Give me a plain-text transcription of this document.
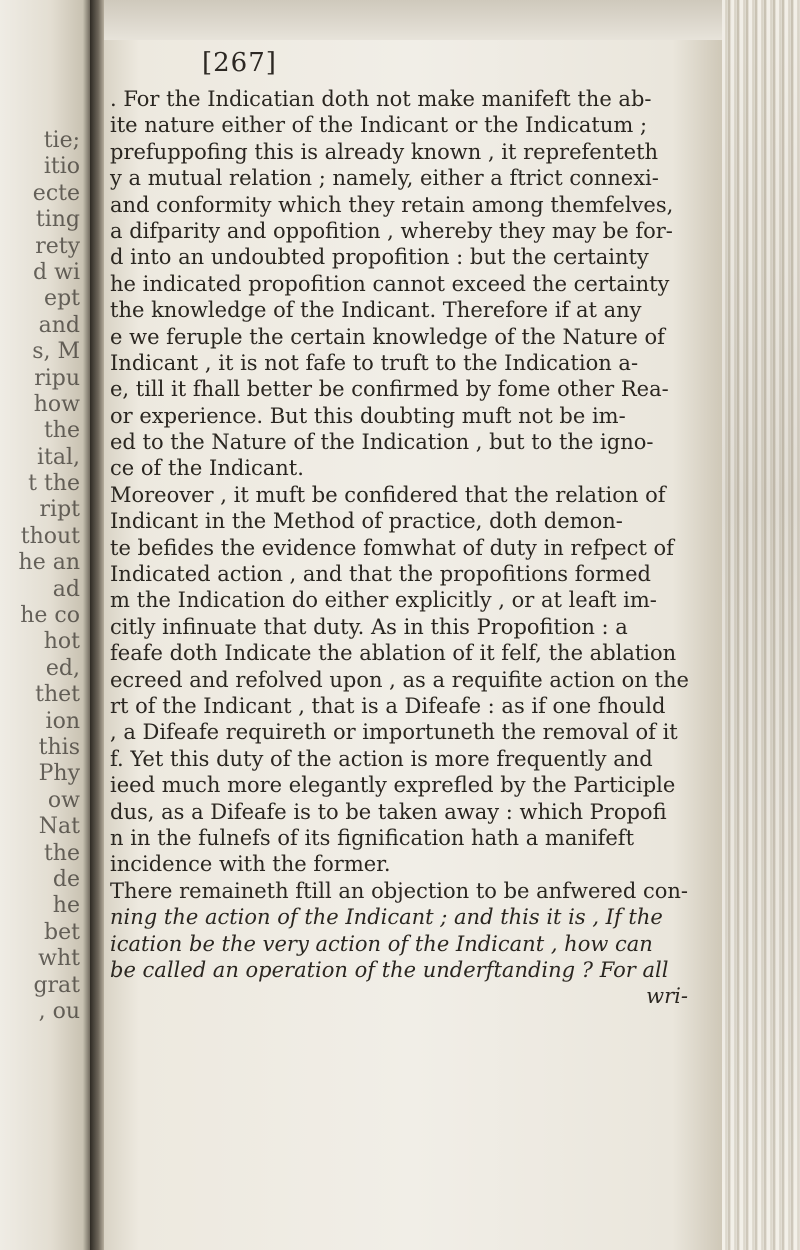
tie;
itio
ecte
ting
rety
d wi
ept
and
s, M
ripu
how
the
ital,
t the
ript
thout
he an
ad
he co
hot
ed,
thet
ion
this
Phy
ow
Nat
the
de
he
bet
wht
grat
, ou
[267]
. For the Indicatian doth not make manifeft the ab-
ite nature either of the Indicant or the Indicatum ;
prefuppofing this is already known , it reprefenteth
y a mutual relation ; namely, either a ftrict connexi-
and conformity which they retain among themfelves,
a difparity and oppofition , whereby they may be for-
d into an undoubted propofition : but the certainty
he indicated propofition cannot exceed the certainty
the knowledge of the Indicant. Therefore if at any
e we feruple the certain knowledge of the Nature of
Indicant , it is not fafe to truft to the Indication a-
e, till it fhall better be confirmed by fome other Rea-
or experience. But this doubting muft not be im-
ed to the Nature of the Indication , but to the igno-
ce of the Indicant.
Moreover , it muft be confidered that the relation of
Indicant in the Method of practice, doth demon-
te befides the evidence fomwhat of duty in refpect of
Indicated action , and that the propofitions formed
m the Indication do either explicitly , or at leaft im-
citly infinuate that duty. As in this Propofition : a
feafe doth Indicate the ablation of it felf, the ablation
ecreed and refolved upon , as a requifite action on the
rt of the Indicant , that is a Difeafe : as if one fhould
, a Difeafe requireth or importuneth the removal of it
f. Yet this duty of the action is more frequently and
ieed much more elegantly exprefled by the Participle
dus, as a Difeafe is to be taken away : which Propofi
n in the fulnefs of its fignification hath a manifeft
incidence with the former.
There remaineth ftill an objection to be anfwered con-
ning the action of the Indicant ; and this it is , If the
ication be the very action of the Indicant , how can
be called an operation of the underftanding ? For all
wri-
